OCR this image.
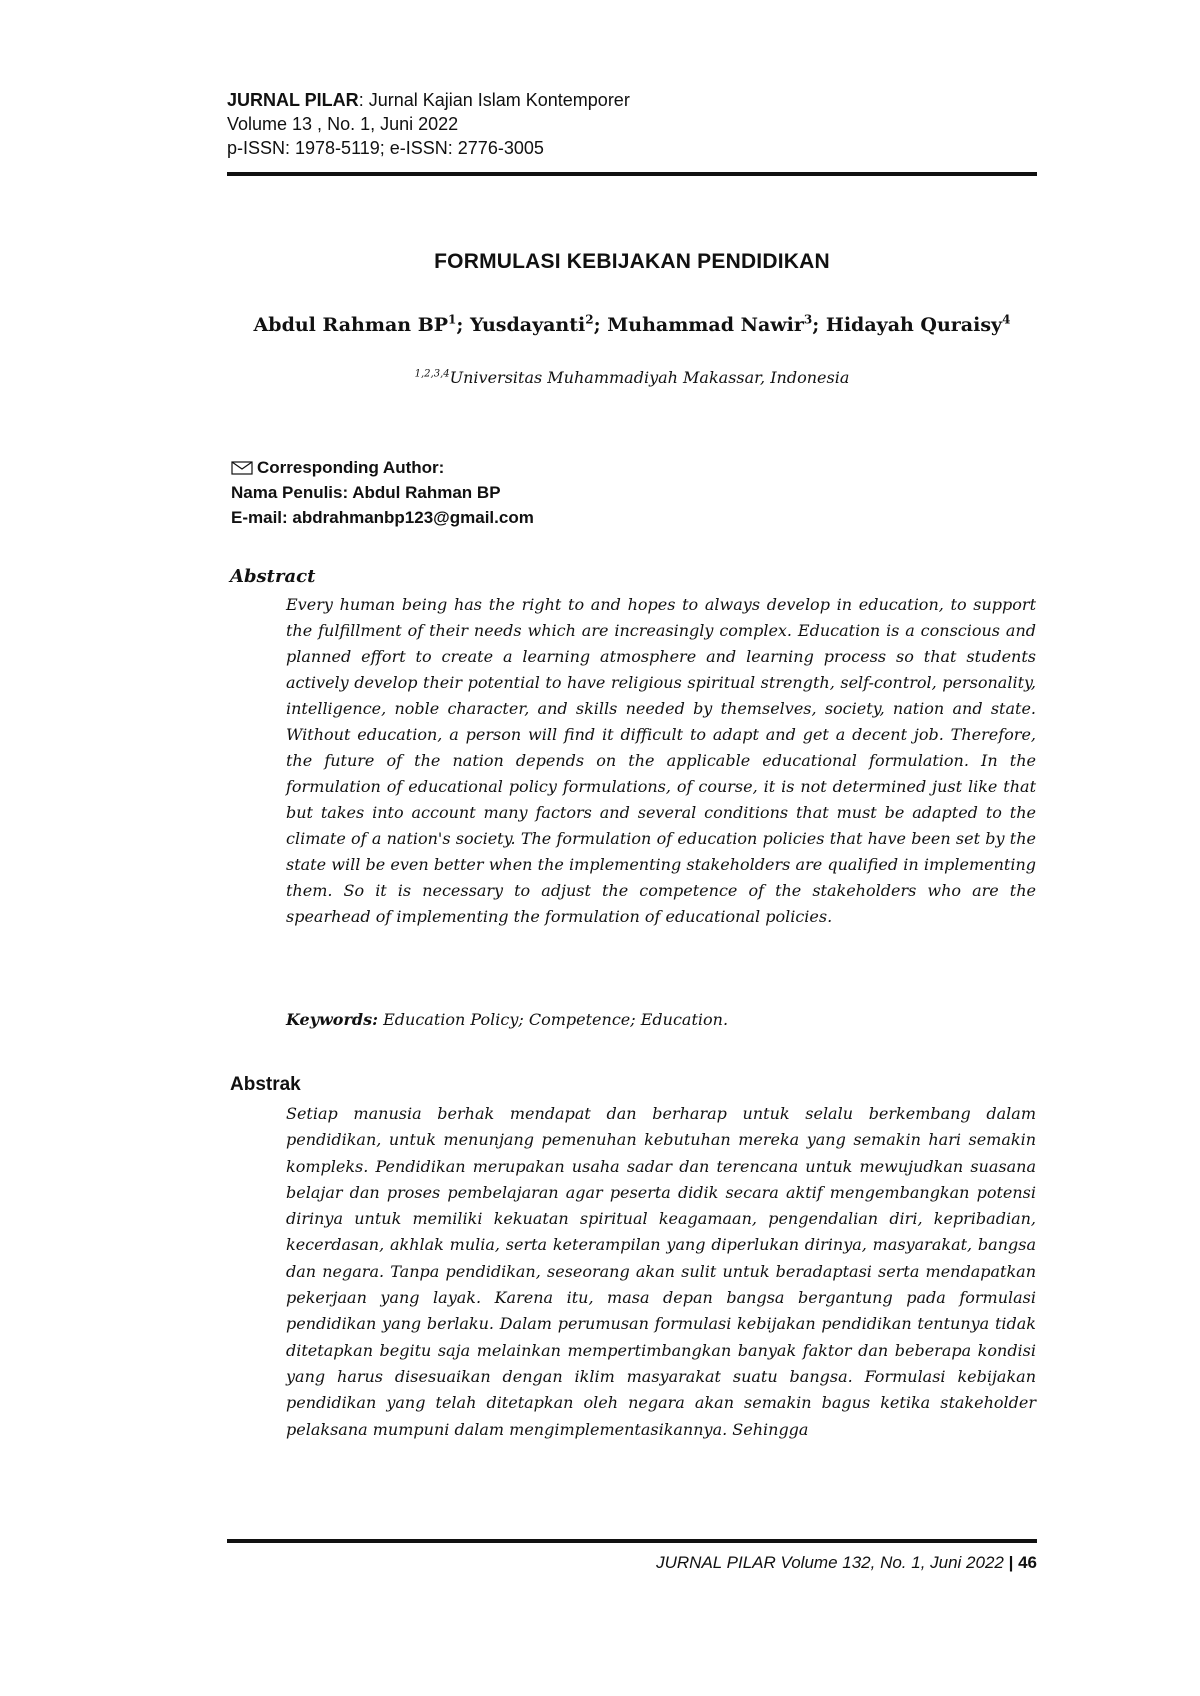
JURNAL PILAR: Jurnal Kajian Islam Kontemporer
Volume 13 , No. 1, Juni 2022
p-ISSN: 1978-5119; e-ISSN: 2776-3005
FORMULASI KEBIJAKAN PENDIDIKAN
Abdul Rahman $BP^1$; Yusdayanti$^2$; Muhammad Nawir$^3$; Hidayah Quraisy$^4$
$^{1,2,3,4}$Universitas Muhammadiyah Makassar, Indonesia
Corresponding Author:
Nama Penulis: Abdul Rahman BP
E-mail: abdrahmanbp123@gmail.com
Abstract
Every human being has the right to and hopes to always develop in education, to support the fulfillment of their needs which are increasingly complex. Education is a conscious and planned effort to create a learning atmosphere and learning process so that students actively develop their potential to have religious spiritual strength, self-control, personality, intelligence, noble character, and skills needed by themselves, society, nation and state. Without education, a person will find it difficult to adapt and get a decent job. Therefore, the future of the nation depends on the applicable educational formulation. In the formulation of educational policy formulations, of course, it is not determined just like that but takes into account many factors and several conditions that must be adapted to the climate of a nation's society. The formulation of education policies that have been set by the state will be even better when the implementing stakeholders are qualified in implementing them. So it is necessary to adjust the competence of the stakeholders who are the spearhead of implementing the formulation of educational policies.
Keywords: Education Policy; Competence; Education.
Abstrak
Setiap manusia berhak mendapat dan berharap untuk selalu berkembang dalam pendidikan, untuk menunjang pemenuhan kebutuhan mereka yang semakin hari semakin kompleks. Pendidikan merupakan usaha sadar dan terencana untuk mewujudkan suasana belajar dan proses pembelajaran agar peserta didik secara aktif mengembangkan potensi dirinya untuk memiliki kekuatan spiritual keagamaan, pengendalian diri, kepribadian, kecerdasan, akhlak mulia, serta keterampilan yang diperlukan dirinya, masyarakat, bangsa dan negara. Tanpa pendidikan, seseorang akan sulit untuk beradaptasi serta mendapatkan pekerjaan yang layak. Karena itu, masa depan bangsa bergantung pada formulasi pendidikan yang berlaku. Dalam perumusan formulasi kebijakan pendidikan tentunya tidak ditetapkan begitu saja melainkan mempertimbangkan banyak faktor dan beberapa kondisi yang harus disesuaikan dengan iklim masyarakat suatu bangsa. Formulasi kebijakan pendidikan yang telah ditetapkan oleh negara akan semakin bagus ketika stakeholder pelaksana mumpuni dalam mengimplementasikannya. Sehingga
JURNAL PILAR Volume 132, No. 1, Juni 2022 | 46
